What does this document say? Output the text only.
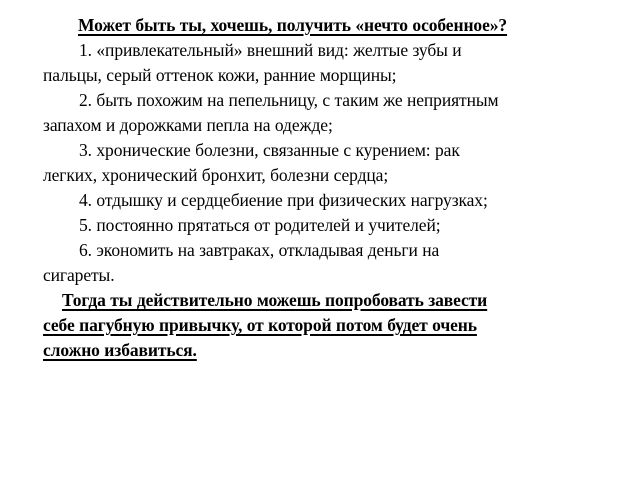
Может быть ты, хочешь, получить «нечто особенное»?

1. «привлекательный» внешний вид: желтые зубы и пальцы, серый оттенок кожи, ранние морщины;

2. быть похожим на пепельницу, с таким же неприятным запахом и дорожками пепла на одежде;

3. хронические болезни, связанные с курением: рак легких, хронический бронхит, болезни сердца;

4. отдышку и сердцебиение при физических нагрузках;

5. постоянно прятаться от родителей и учителей;

6. экономить на завтраках, откладывая деньги на сигареты.

Тогда ты действительно можешь попробовать завести себе пагубную привычку, от которой потом будет очень сложно избавиться.
